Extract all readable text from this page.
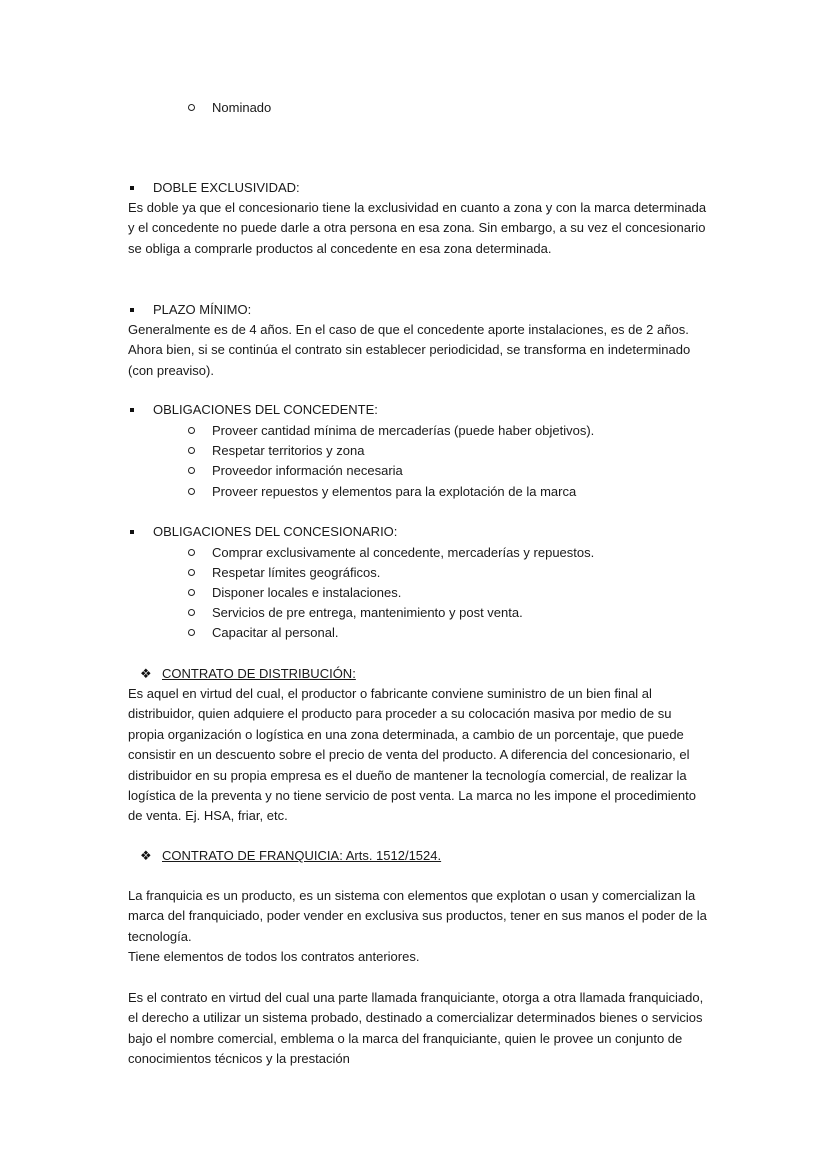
Nominado
DOBLE EXCLUSIVIDAD:
Es doble ya que el concesionario tiene la exclusividad en cuanto a zona y con la marca determinada y el concedente no puede darle a otra persona en esa zona. Sin embargo, a su vez el concesionario se obliga a comprarle productos al concedente en esa zona determinada.
PLAZO MÍNIMO:
Generalmente es de 4 años. En el caso de que el concedente aporte instalaciones, es de 2 años. Ahora bien, si se continúa el contrato sin establecer periodicidad, se transforma en indeterminado (con preaviso).
OBLIGACIONES DEL CONCEDENTE:
Proveer cantidad mínima de mercaderías (puede haber objetivos).
Respetar territorios y zona
Proveedor información necesaria
Proveer repuestos y elementos para la explotación de la marca
OBLIGACIONES DEL CONCESIONARIO:
Comprar exclusivamente al concedente, mercaderías y repuestos.
Respetar límites geográficos.
Disponer locales e instalaciones.
Servicios de pre entrega, mantenimiento y post venta.
Capacitar al personal.
❖ CONTRATO DE DISTRIBUCIÓN:
Es aquel en virtud del cual, el productor o fabricante conviene suministro de un bien final al distribuidor, quien adquiere el producto para proceder a su colocación masiva por medio de su propia organización o logística en una zona determinada, a cambio de un porcentaje, que puede consistir en un descuento sobre el precio de venta del producto. A diferencia del concesionario, el distribuidor en su propia empresa es el dueño de mantener la tecnología comercial, de realizar la logística de la preventa y no tiene servicio de post venta. La marca no les impone el procedimiento de venta. Ej. HSA, friar, etc.
❖ CONTRATO DE FRANQUICIA: Arts. 1512/1524.
La franquicia es un producto, es un sistema con elementos que explotan o usan y comercializan la marca del franquiciado, poder vender en exclusiva sus productos, tener en sus manos el poder de la tecnología.
Tiene elementos de todos los contratos anteriores.
Es el contrato en virtud del cual una parte llamada franquiciante, otorga a otra llamada franquiciado, el derecho a utilizar un sistema probado, destinado a comercializar determinados bienes o servicios bajo el nombre comercial, emblema o la marca del franquiciante, quien le provee un conjunto de conocimientos técnicos y la prestación
